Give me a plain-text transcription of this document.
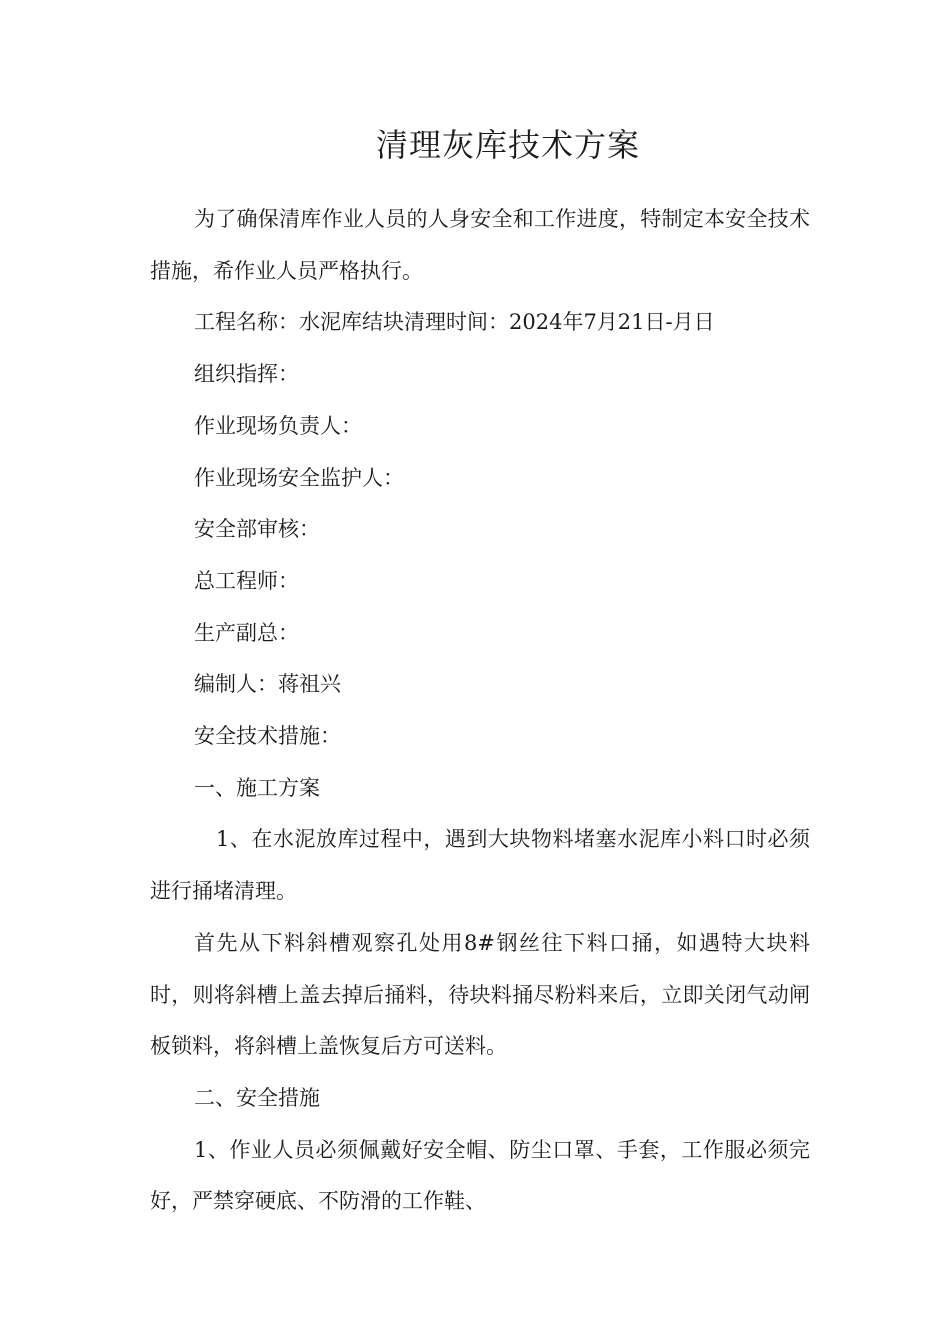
清理灰库技术方案

为了确保清库作业人员的人身安全和工作进度，特制定本安全技术措施，希作业人员严格执行。

工程名称：水泥库结块清理时间：2024年7月21日-月日

组织指挥：

作业现场负责人：

作业现场安全监护人：

安全部审核：

总工程师：

生产副总：

编制人：蒋祖兴

安全技术措施：

一、施工方案

1、在水泥放库过程中，遇到大块物料堵塞水泥库小料口时必须进行捅堵清理。

首先从下料斜槽观察孔处用8#钢丝往下料口捅，如遇特大块料时，则将斜槽上盖去掉后捅料，待块料捅尽粉料来后，立即关闭气动闸板锁料，将斜槽上盖恢复后方可送料。

二、安全措施

1、作业人员必须佩戴好安全帽、防尘口罩、手套，工作服必须完好，严禁穿硬底、不防滑的工作鞋、
